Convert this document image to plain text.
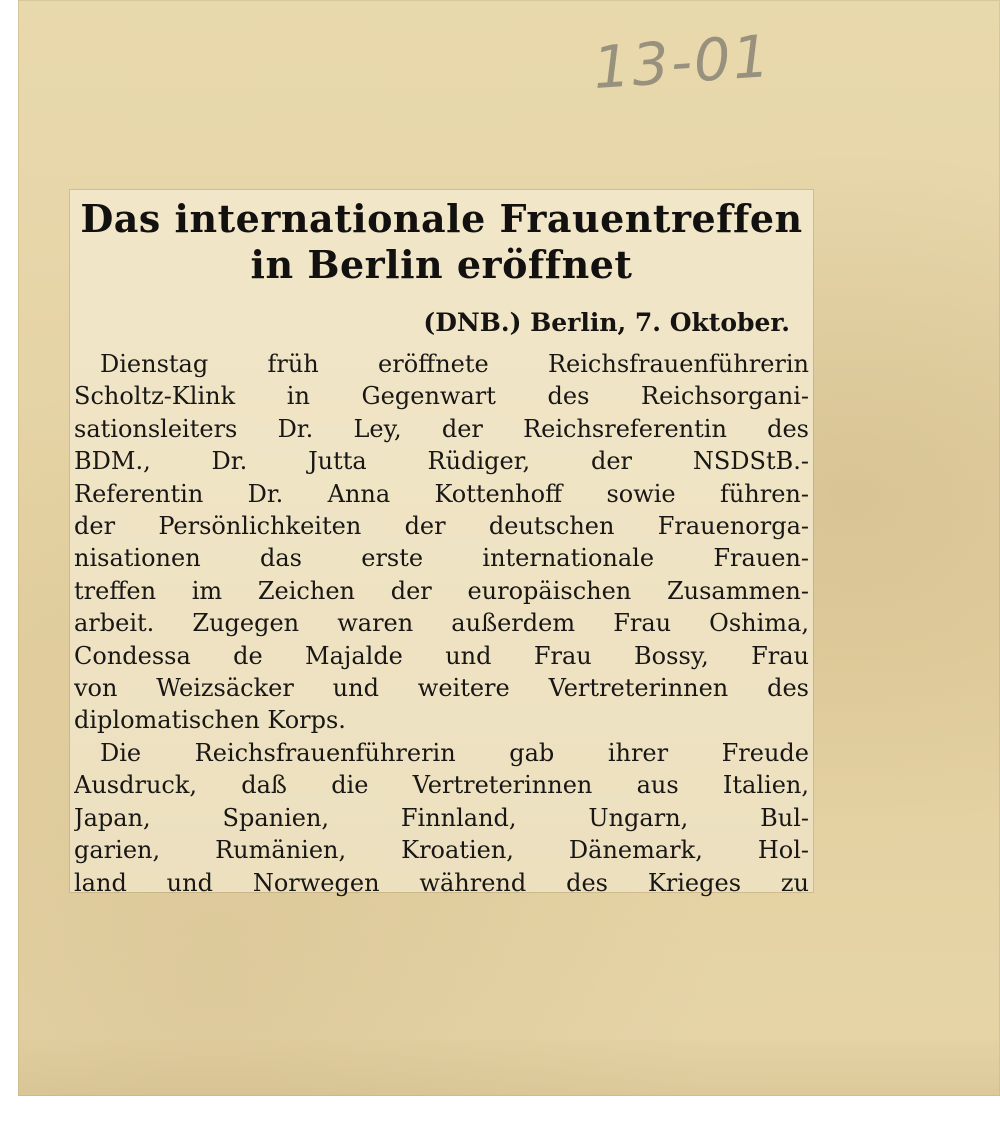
13-01
Das internationale Frauentreffen
in Berlin eröffnet
(DNB.) Berlin, 7. Oktober.
Dienstag früh eröffnete Reichsfrauenführerin
Scholtz-Klink in Gegenwart des Reichsorgani-
sationsleiters Dr. Ley, der Reichsreferentin des
BDM., Dr. Jutta Rüdiger, der NSDStB.-
Referentin Dr. Anna Kottenhoff sowie führen-
der Persönlichkeiten der deutschen Frauenorga-
nisationen das erste internationale Frauen-
treffen im Zeichen der europäischen Zusammen-
arbeit. Zugegen waren außerdem Frau Oshima,
Condessa de Majalde und Frau Bossy, Frau
von Weizsäcker und weitere Vertreterinnen des
diplomatischen Korps.
Die Reichsfrauenführerin gab ihrer Freude
Ausdruck, daß die Vertreterinnen aus Italien,
Japan, Spanien, Finnland, Ungarn, Bul-
garien, Rumänien, Kroatien, Dänemark, Hol-
land und Norwegen während des Krieges zu
